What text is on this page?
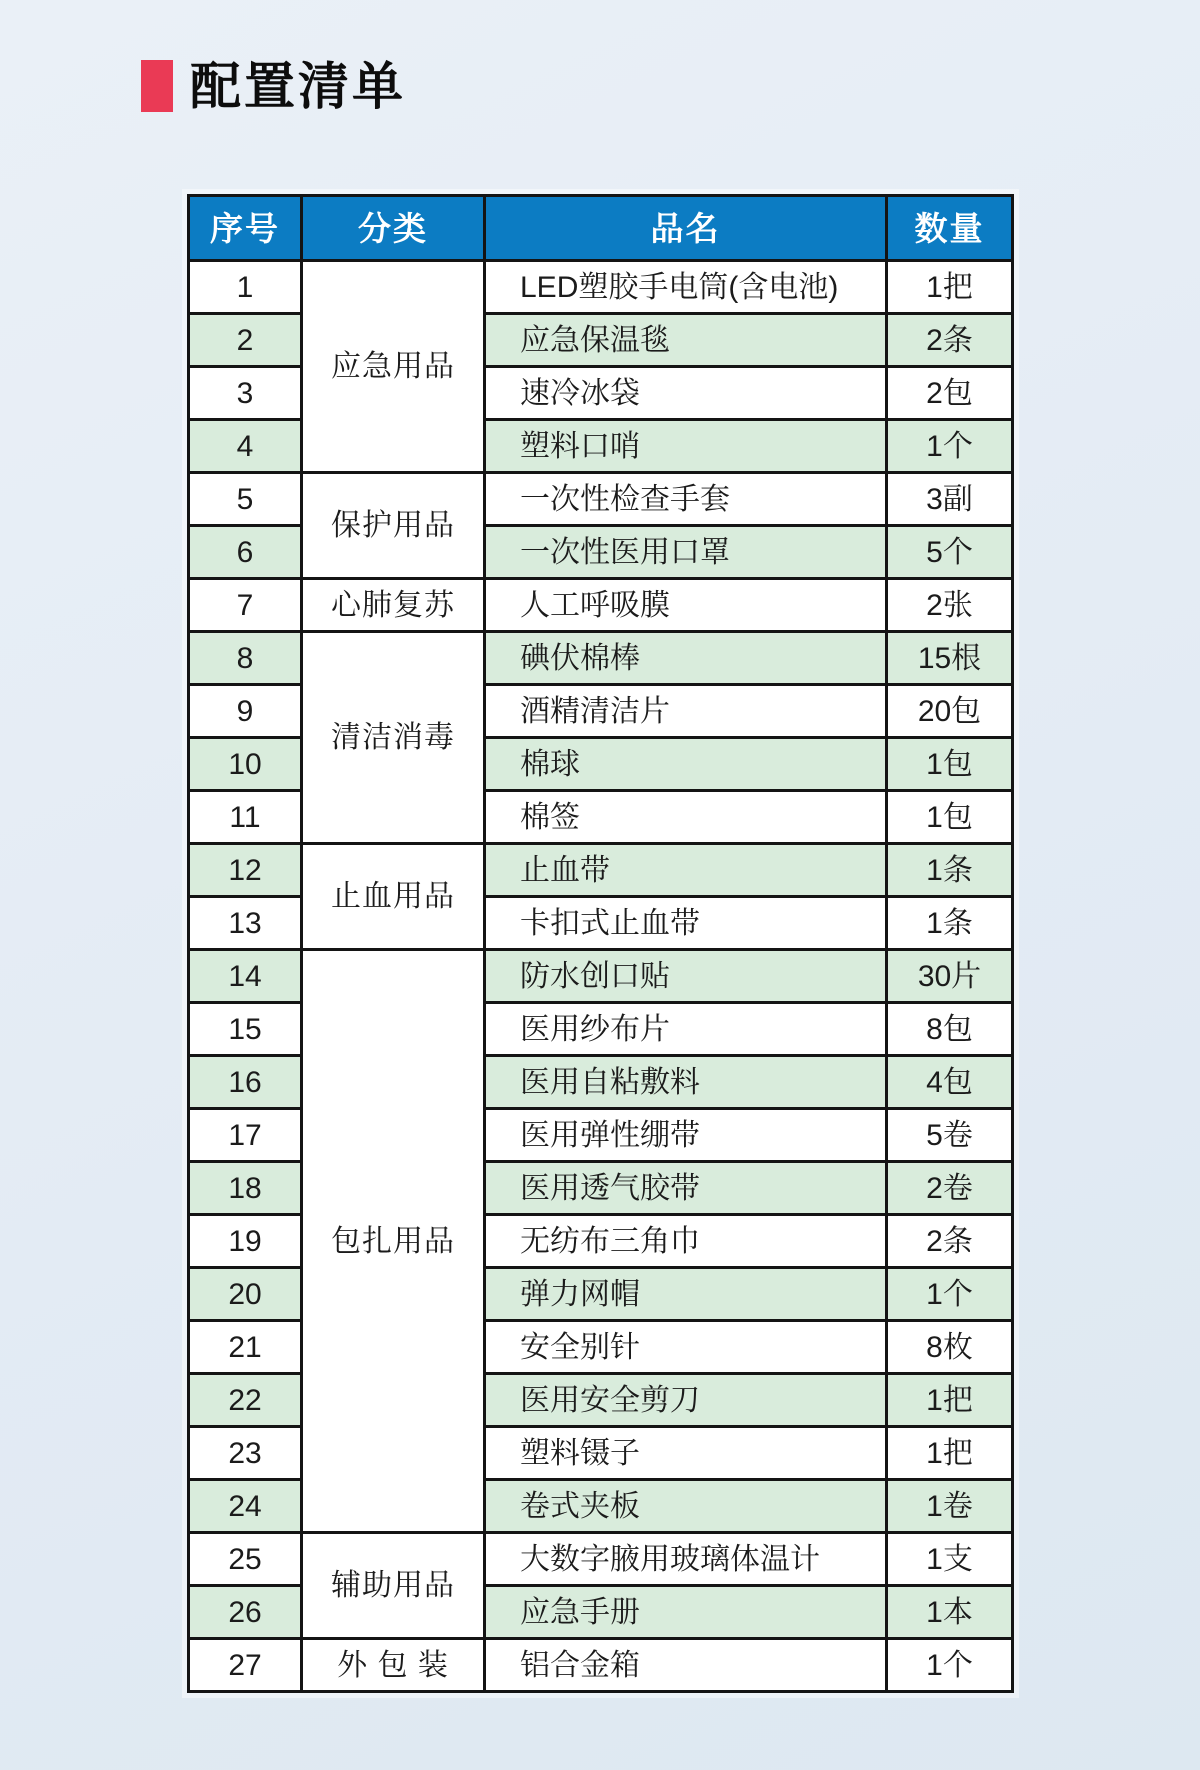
配置清单
序号	分类	品名	数量
1	应急用品	LED塑胶手电筒(含电池)	1把
2		应急保温毯	2条
3		速冷冰袋	2包
4		塑料口哨	1个
5	保护用品	一次性检查手套	3副
6		一次性医用口罩	5个
7	心肺复苏	人工呼吸膜	2张
8	清洁消毒	碘伏棉棒	15根
9		酒精清洁片	20包
10		棉球	1包
11		棉签	1包
12	止血用品	止血带	1条
13		卡扣式止血带	1条
14	包扎用品	防水创口贴	30片
15		医用纱布片	8包
16		医用自粘敷料	4包
17		医用弹性绷带	5卷
18		医用透气胶带	2卷
19		无纺布三角巾	2条
20		弹力网帽	1个
21		安全别针	8枚
22		医用安全剪刀	1把
23		塑料镊子	1把
24		卷式夹板	1卷
25	辅助用品	大数字腋用玻璃体温计	1支
26		应急手册	1本
27	外 包 装	铝合金箱	1个
